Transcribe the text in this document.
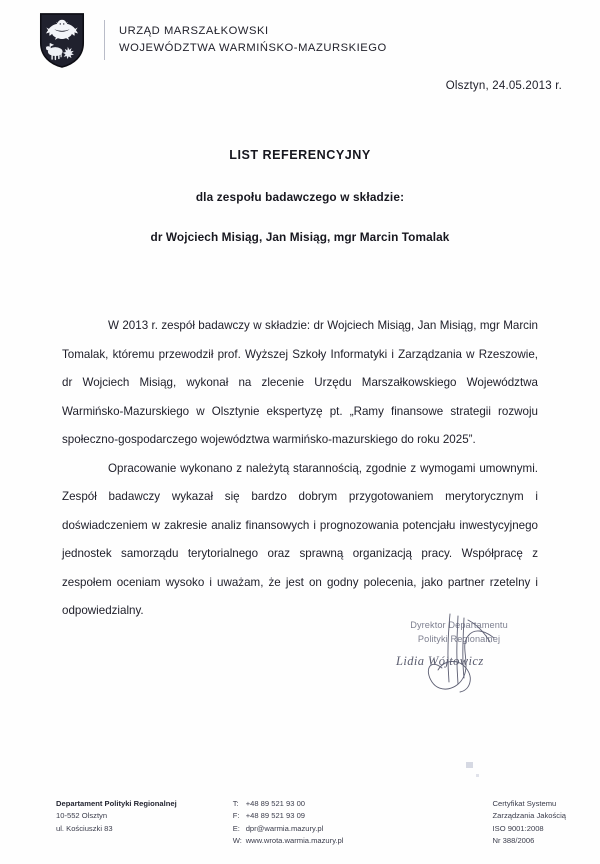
URZĄD MARSZAŁKOWSKI
WOJEWÓDZTWA WARMIŃSKO-MAZURSKIEGO
Olsztyn, 24.05.2013 r.
LIST REFERENCYJNY
dla zespołu badawczego w składzie:
dr Wojciech Misiąg, Jan Misiąg, mgr Marcin Tomalak

W 2013 r. zespół badawczy w składzie: dr Wojciech Misiąg, Jan Misiąg, mgr Marcin Tomalak, któremu przewodził prof. Wyższej Szkoły Informatyki i Zarządzania w Rzeszowie, dr Wojciech Misiąg, wykonał na zlecenie Urzędu Marszałkowskiego Województwa Warmińsko-Mazurskiego w Olsztynie ekspertyzę pt. „Ramy finansowe strategii rozwoju społeczno-gospodarczego województwa warmińsko-mazurskiego do roku 2025”.

Opracowanie wykonano z należytą starannością, zgodnie z wymogami umownymi. Zespół badawczy wykazał się bardzo dobrym przygotowaniem merytorycznym i doświadczeniem w zakresie analiz finansowych i prognozowania potencjału inwestycyjnego jednostek samorządu terytorialnego oraz sprawną organizacją pracy. Współpracę z zespołem oceniam wysoko i uważam, że jest on godny polecenia, jako partner rzetelny i odpowiedzialny.

Dyrektor Departamentu
Polityki Regionalnej
Lidia Wójtowicz
Departament Polityki Regionalnej
10-552 Olsztyn
ul. Kościuszki 83
T: +48 89 521 93 00
F: +48 89 521 93 09
E: dpr@warmia.mazury.pl
W: www.wrota.warmia.mazury.pl
Certyfikat Systemu
Zarządzania Jakością
ISO 9001:2008
Nr 388/2006
